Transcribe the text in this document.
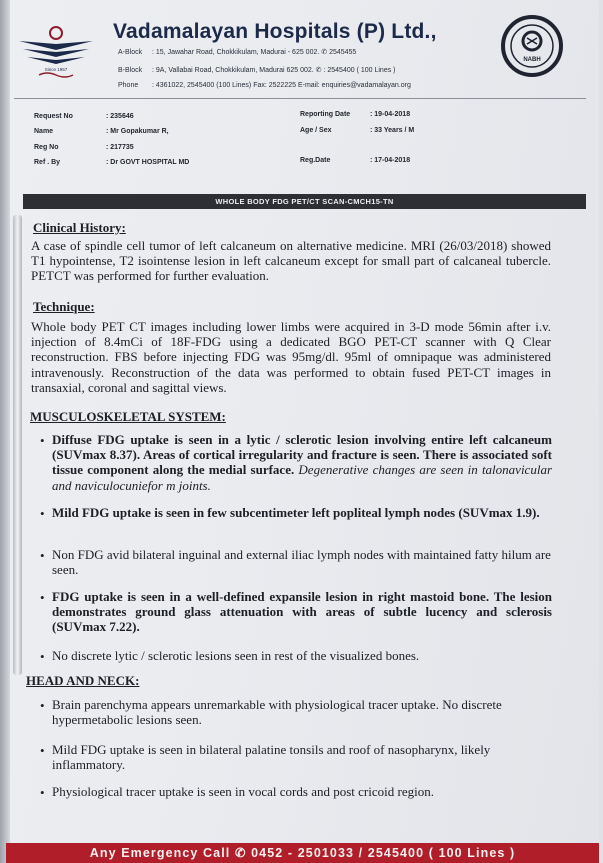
Since 1957
Vadamalayan Hospitals (P) Ltd.,
A-Block : 15, Jawahar Road, Chokkikulam, Madurai - 625 002. ✆ 2545455
B-Block : 9A, Vallabai Road, Chokkikulam, Madurai 625 002. ✆ : 2545400 ( 100 Lines )
Phone : 4361022, 2545400 (100 Lines) Fax: 2522225 E-mail: enquiries@vadamalayan.org
NABH
Request No	: 235646
Name	: Mr Gopakumar R,
Reg No	: 217735
Ref . By	: Dr GOVT HOSPITAL MD
Reporting Date	: 19-04-2018
Age / Sex	: 33 Years / M
Reg.Date	: 17-04-2018
WHOLE BODY FDG PET/CT SCAN-CMCH15-TN
Clinical History:
A case of spindle cell tumor of left calcaneum on alternative medicine. MRI (26/03/2018) showed T1 hypointense, T2 isointense lesion in left calcaneum except for small part of calcaneal tubercle. PETCT was performed for further evaluation.
Technique:
Whole body PET CT images including lower limbs were acquired in 3-D mode 56min after i.v. injection of 8.4mCi of 18F-FDG using a dedicated BGO PET-CT scanner with Q Clear reconstruction. FBS before injecting FDG was 95mg/dl. 95ml of omnipaque was administered intravenously. Reconstruction of the data was performed to obtain fused PET-CT images in transaxial, coronal and sagittal views.
MUSCULOSKELETAL SYSTEM:
• Diffuse FDG uptake is seen in a lytic / sclerotic lesion involving entire left calcaneum (SUVmax 8.37). Areas of cortical irregularity and fracture is seen. There is associated soft tissue component along the medial surface. Degenerative changes are seen in talonavicular and naviculocuniefor m joints.
• Mild FDG uptake is seen in few subcentimeter left popliteal lymph nodes (SUVmax 1.9).
• Non FDG avid bilateral inguinal and external iliac lymph nodes with maintained fatty hilum are seen.
• FDG uptake is seen in a well-defined expansile lesion in right mastoid bone. The lesion demonstrates ground glass attenuation with areas of subtle lucency and sclerosis (SUVmax 7.22).
• No discrete lytic / sclerotic lesions seen in rest of the visualized bones.
HEAD AND NECK:
• Brain parenchyma appears unremarkable with physiological tracer uptake. No discrete hypermetabolic lesions seen.
• Mild FDG uptake is seen in bilateral palatine tonsils and roof of nasopharynx, likely inflammatory.
• Physiological tracer uptake is seen in vocal cords and post cricoid region.
Any Emergency Call ✆ 0452 - 2501033 / 2545400 ( 100 Lines )
